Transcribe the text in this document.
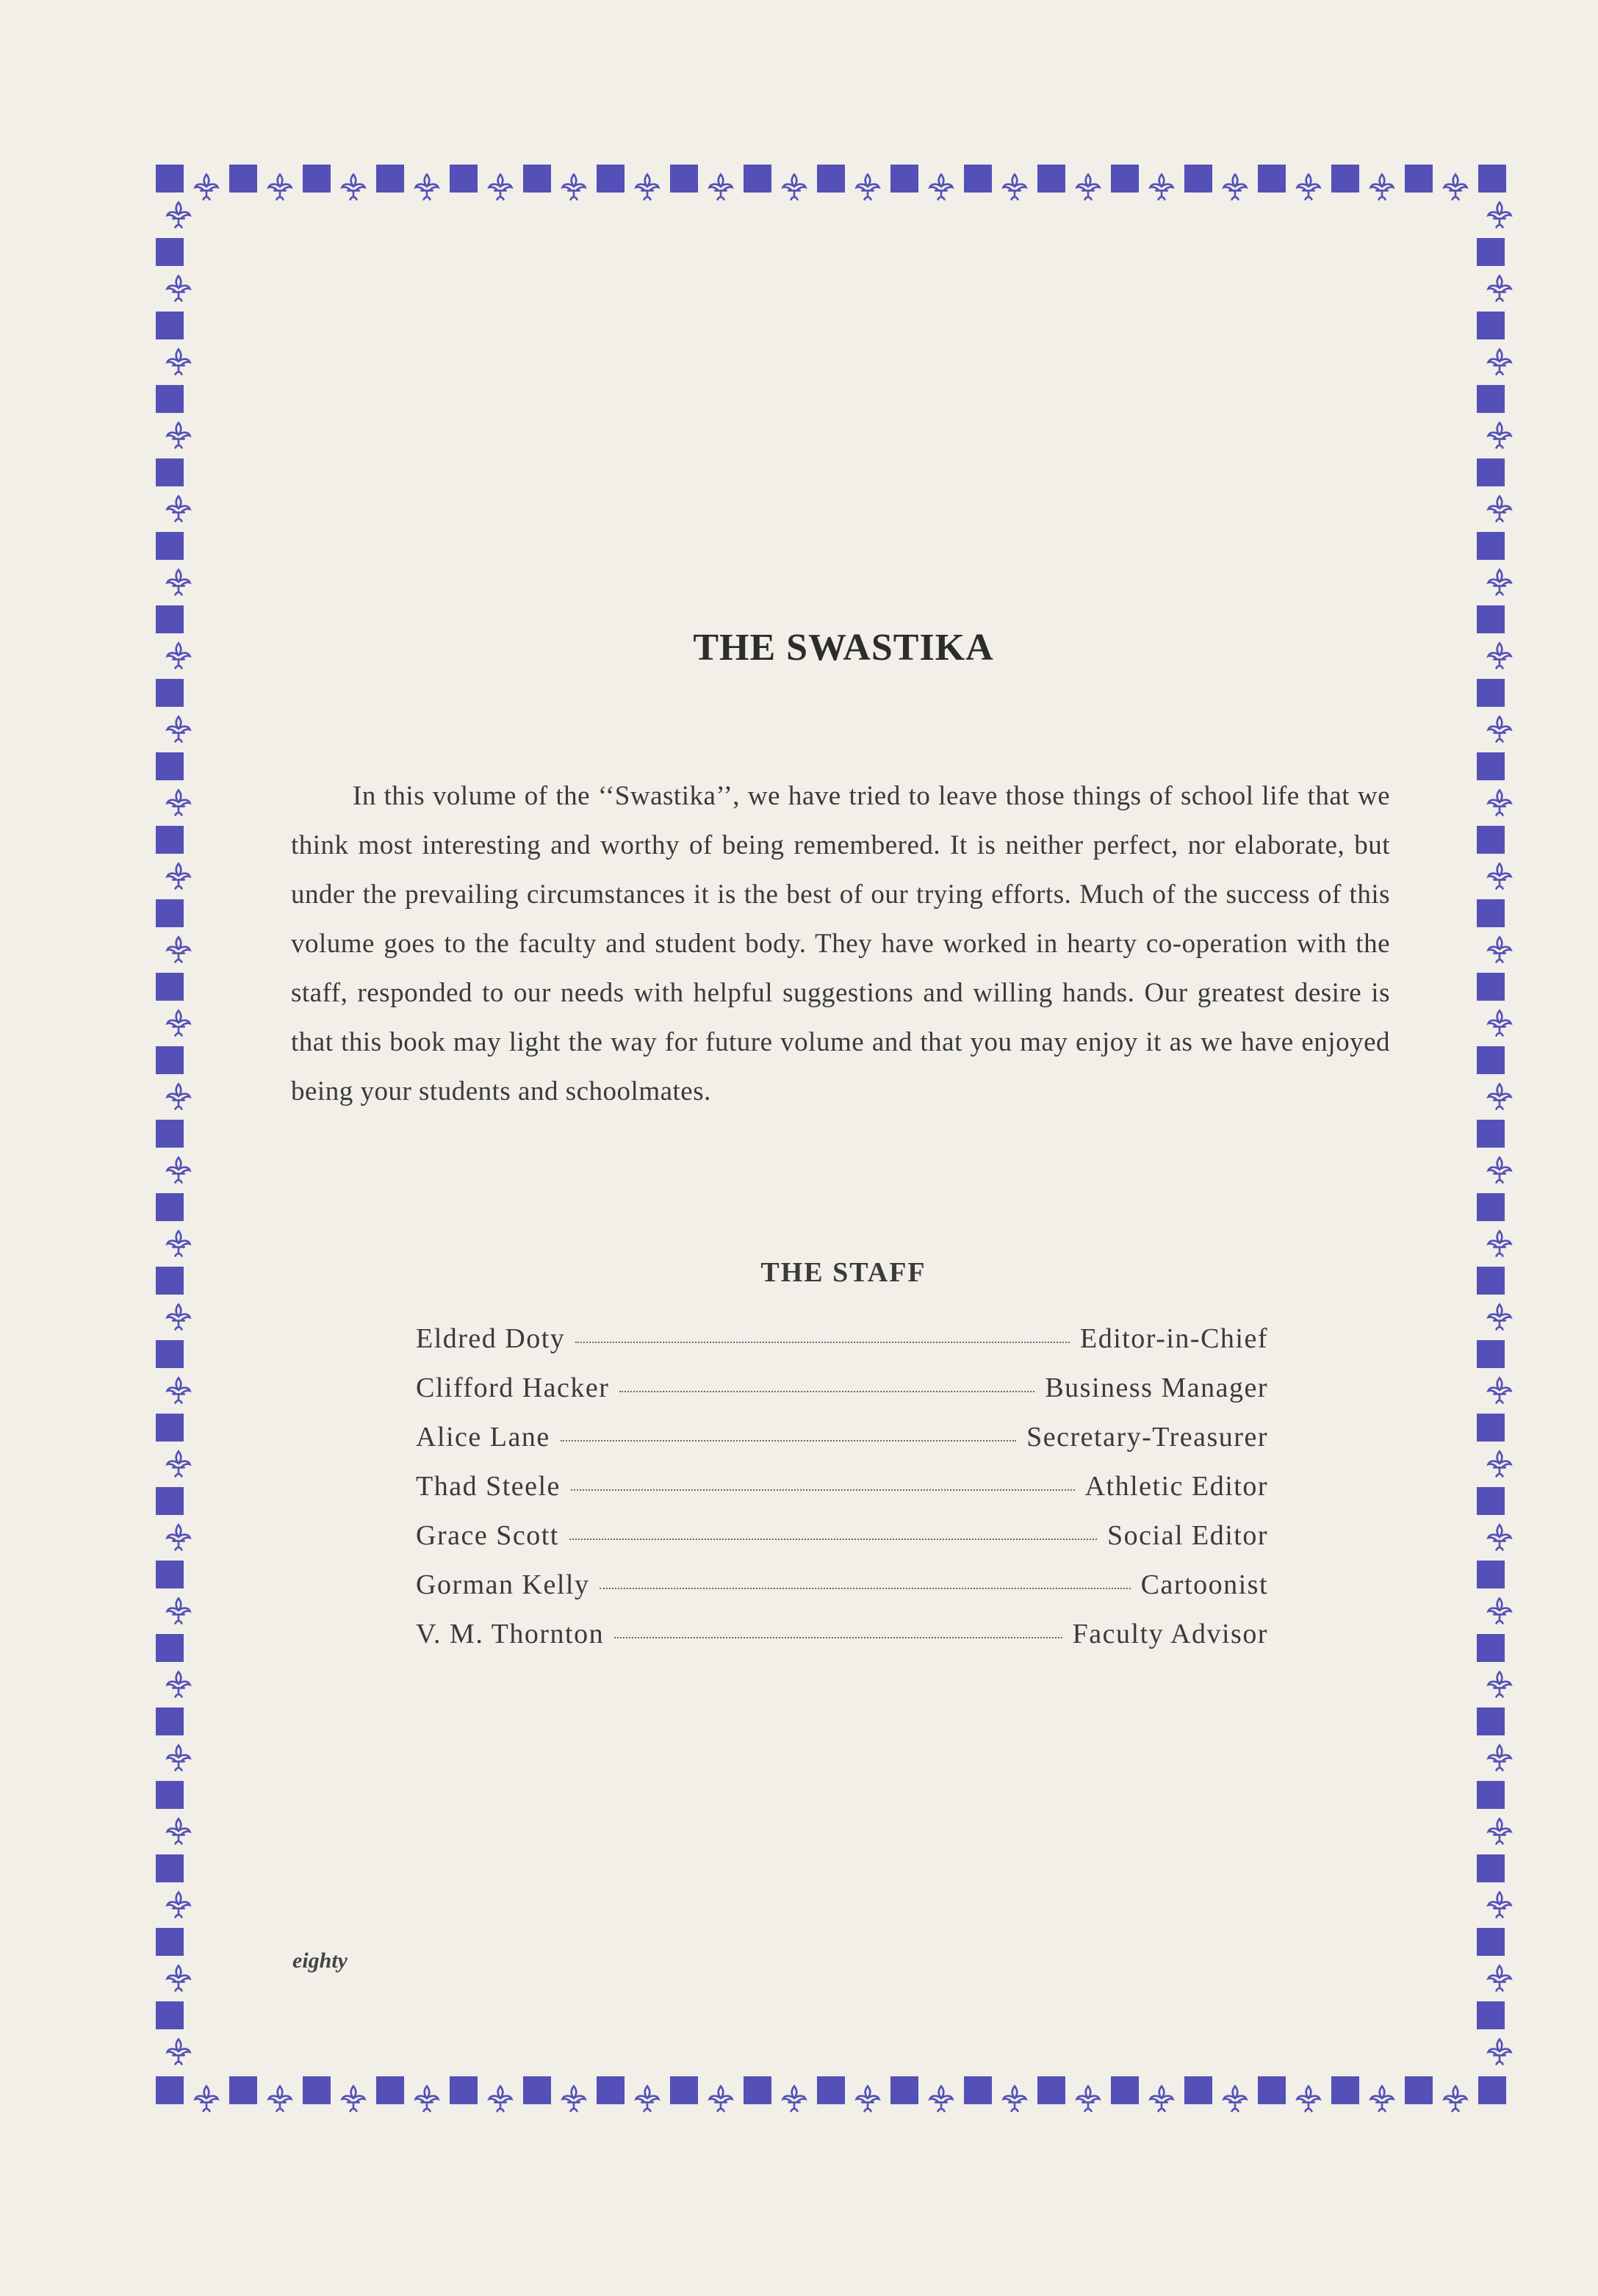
THE SWASTIKA

In this volume of the ‘‘Swastika’’, we have tried to leave those things of school life that we think most interesting and worthy of being remembered. It is neither perfect, nor elaborate, but under the prevailing circumstances it is the best of our trying efforts. Much of the success of this volume goes to the faculty and student body. They have worked in hearty co-operation with the staff, responded to our needs with helpful suggestions and willing hands. Our greatest desire is that this book may light the way for future volume and that you may enjoy it as we have enjoyed being your students and schoolmates.

THE STAFF
Eldred Doty	Editor-in-Chief
Clifford Hacker	Business Manager
Alice Lane	Secretary-Treasurer
Thad Steele	Athletic Editor
Grace Scott	Social Editor
Gorman Kelly	Cartoonist
V. M. Thornton	Faculty Advisor
eighty
